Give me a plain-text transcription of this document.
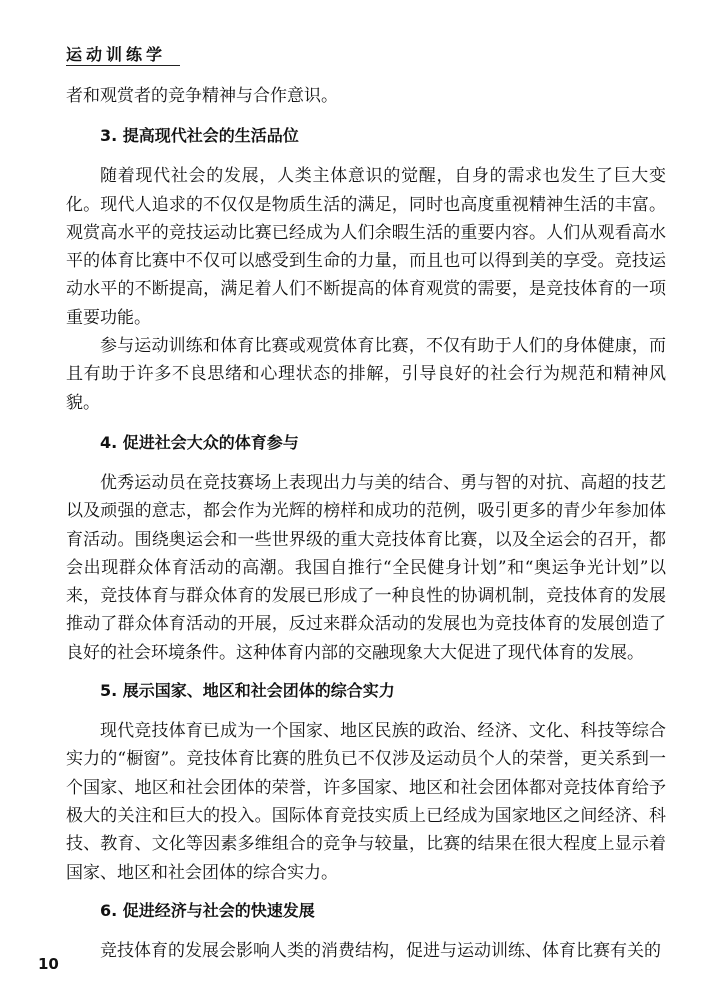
运动训练学

者和观赏者的竞争精神与合作意识。

3. 提高现代社会的生活品位

随着现代社会的发展，人类主体意识的觉醒，自身的需求也发生了巨大变化。现代人追求的不仅仅是物质生活的满足，同时也高度重视精神生活的丰富。观赏高水平的竞技运动比赛已经成为人们余暇生活的重要内容。人们从观看高水平的体育比赛中不仅可以感受到生命的力量，而且也可以得到美的享受。竞技运动水平的不断提高，满足着人们不断提高的体育观赏的需要，是竞技体育的一项重要功能。

参与运动训练和体育比赛或观赏体育比赛，不仅有助于人们的身体健康，而且有助于许多不良思绪和心理状态的排解，引导良好的社会行为规范和精神风貌。

4. 促进社会大众的体育参与

优秀运动员在竞技赛场上表现出力与美的结合、勇与智的对抗、高超的技艺以及顽强的意志，都会作为光辉的榜样和成功的范例，吸引更多的青少年参加体育活动。围绕奥运会和一些世界级的重大竞技体育比赛，以及全运会的召开，都会出现群众体育活动的高潮。我国自推行“全民健身计划”和“奥运争光计划”以来，竞技体育与群众体育的发展已形成了一种良性的协调机制，竞技体育的发展推动了群众体育活动的开展，反过来群众活动的发展也为竞技体育的发展创造了良好的社会环境条件。这种体育内部的交融现象大大促进了现代体育的发展。

5. 展示国家、地区和社会团体的综合实力

现代竞技体育已成为一个国家、地区民族的政治、经济、文化、科技等综合实力的“橱窗”。竞技体育比赛的胜负已不仅涉及运动员个人的荣誉，更关系到一个国家、地区和社会团体的荣誉，许多国家、地区和社会团体都对竞技体育给予极大的关注和巨大的投入。国际体育竞技实质上已经成为国家地区之间经济、科技、教育、文化等因素多维组合的竞争与较量，比赛的结果在很大程度上显示着国家、地区和社会团体的综合实力。

6. 促进经济与社会的快速发展

竞技体育的发展会影响人类的消费结构，促进与运动训练、体育比赛有关的

10
